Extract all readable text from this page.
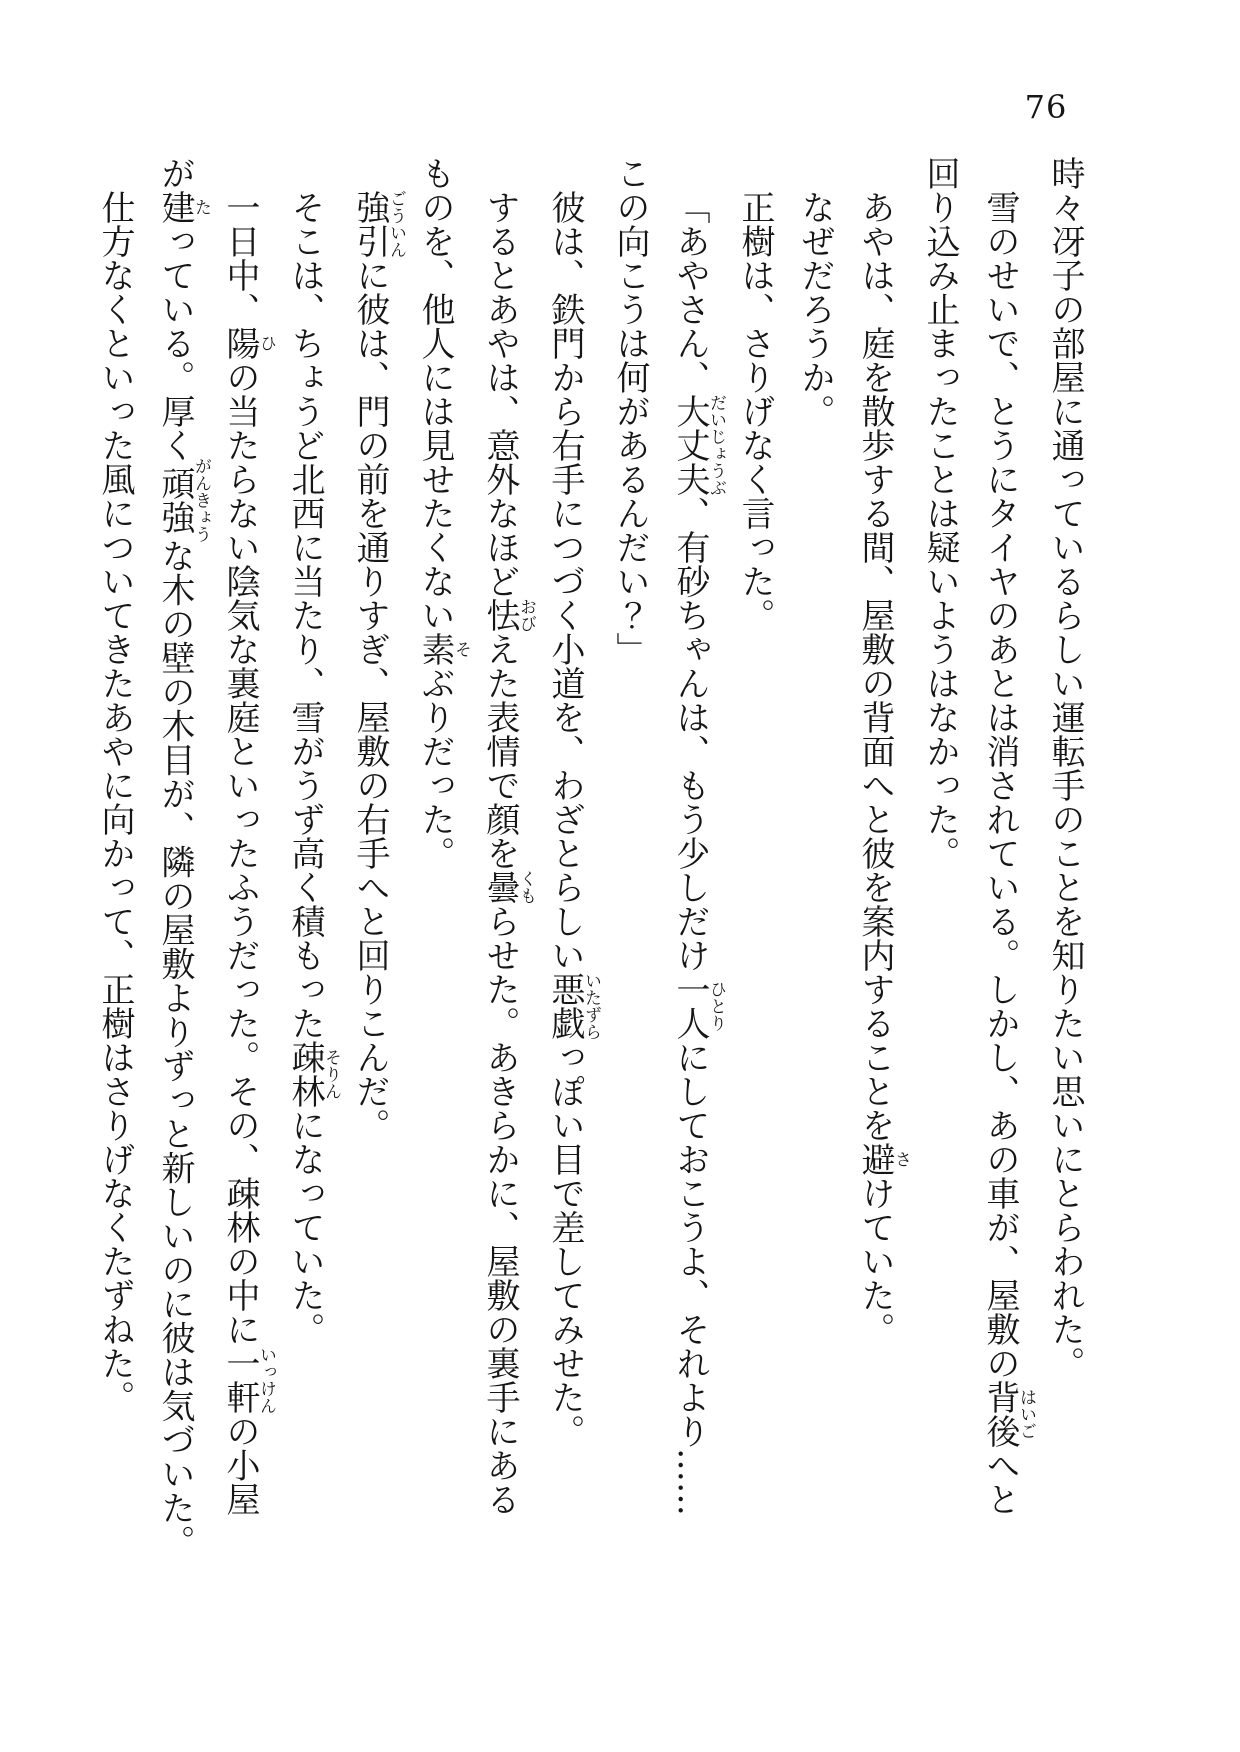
76

時々冴子の部屋に通っているらしい運転手のことを知りたい思いにとらわれた。

雪のせいで、とうにタイヤのあとは消されている。しかし、あの車が、屋敷の背後はいごへと

回り込み止まったことは疑いようはなかった。

あやは、庭を散歩する間、屋敷の背面へと彼を案内することを避さけていた。

なぜだろうか。

正樹は、さりげなく言った。

「あやさん、大丈夫だいじょうぶ、有砂ちゃんは、もう少しだけ一人ひとりにしておこうよ、それより……

この向こうは何があるんだい？」

彼は、鉄門から右手につづく小道を、わざとらしい悪戯いたずらっぽい目で差してみせた。

するとあやは、意外なほど怯おびえた表情で顔を曇くもらせた。あきらかに、屋敷の裏手にある

ものを、他人には見せたくない素そぶりだった。

強引ごういんに彼は、門の前を通りすぎ、屋敷の右手へと回りこんだ。

そこは、ちょうど北西に当たり、雪がうず高く積もった疎林そりんになっていた。

一日中、陽ひの当たらない陰気な裏庭といったふうだった。その、疎林の中に一軒いっけんの小屋

が建たっている。厚く頑強がんきょうな木の壁の木目が、隣の屋敷よりずっと新しいのに彼は気づいた。

仕方なくといった風についてきたあやに向かって、正樹はさりげなくたずねた。
